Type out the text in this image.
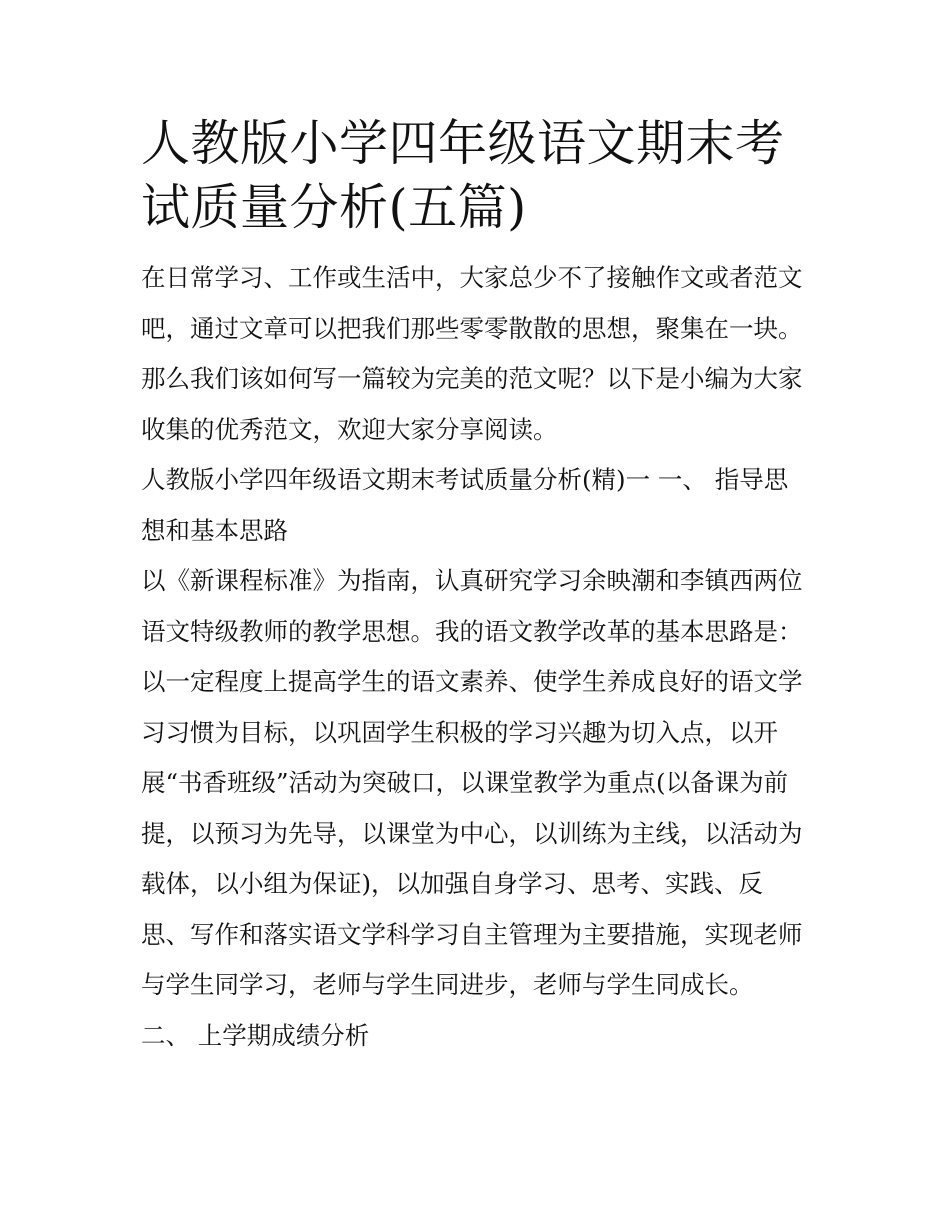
人教版小学四年级语文期末考
试质量分析(五篇)

在日常学习、工作或生活中，大家总少不了接触作文或者范文
吧，通过文章可以把我们那些零零散散的思想，聚集在一块。
那么我们该如何写一篇较为完美的范文呢？以下是小编为大家
收集的优秀范文，欢迎大家分享阅读。

人教版小学四年级语文期末考试质量分析(精)一 一、 指导思
想和基本思路

以《新课程标准》为指南，认真研究学习余映潮和李镇西两位
语文特级教师的教学思想。我的语文教学改革的基本思路是：
以一定程度上提高学生的语文素养、使学生养成良好的语文学
习习惯为目标，以巩固学生积极的学习兴趣为切入点，以开
展“书香班级”活动为突破口，以课堂教学为重点(以备课为前
提，以预习为先导，以课堂为中心，以训练为主线，以活动为
载体，以小组为保证)，以加强自身学习、思考、实践、反
思、写作和落实语文学科学习自主管理为主要措施，实现老师
与学生同学习，老师与学生同进步，老师与学生同成长。

二、 上学期成绩分析
